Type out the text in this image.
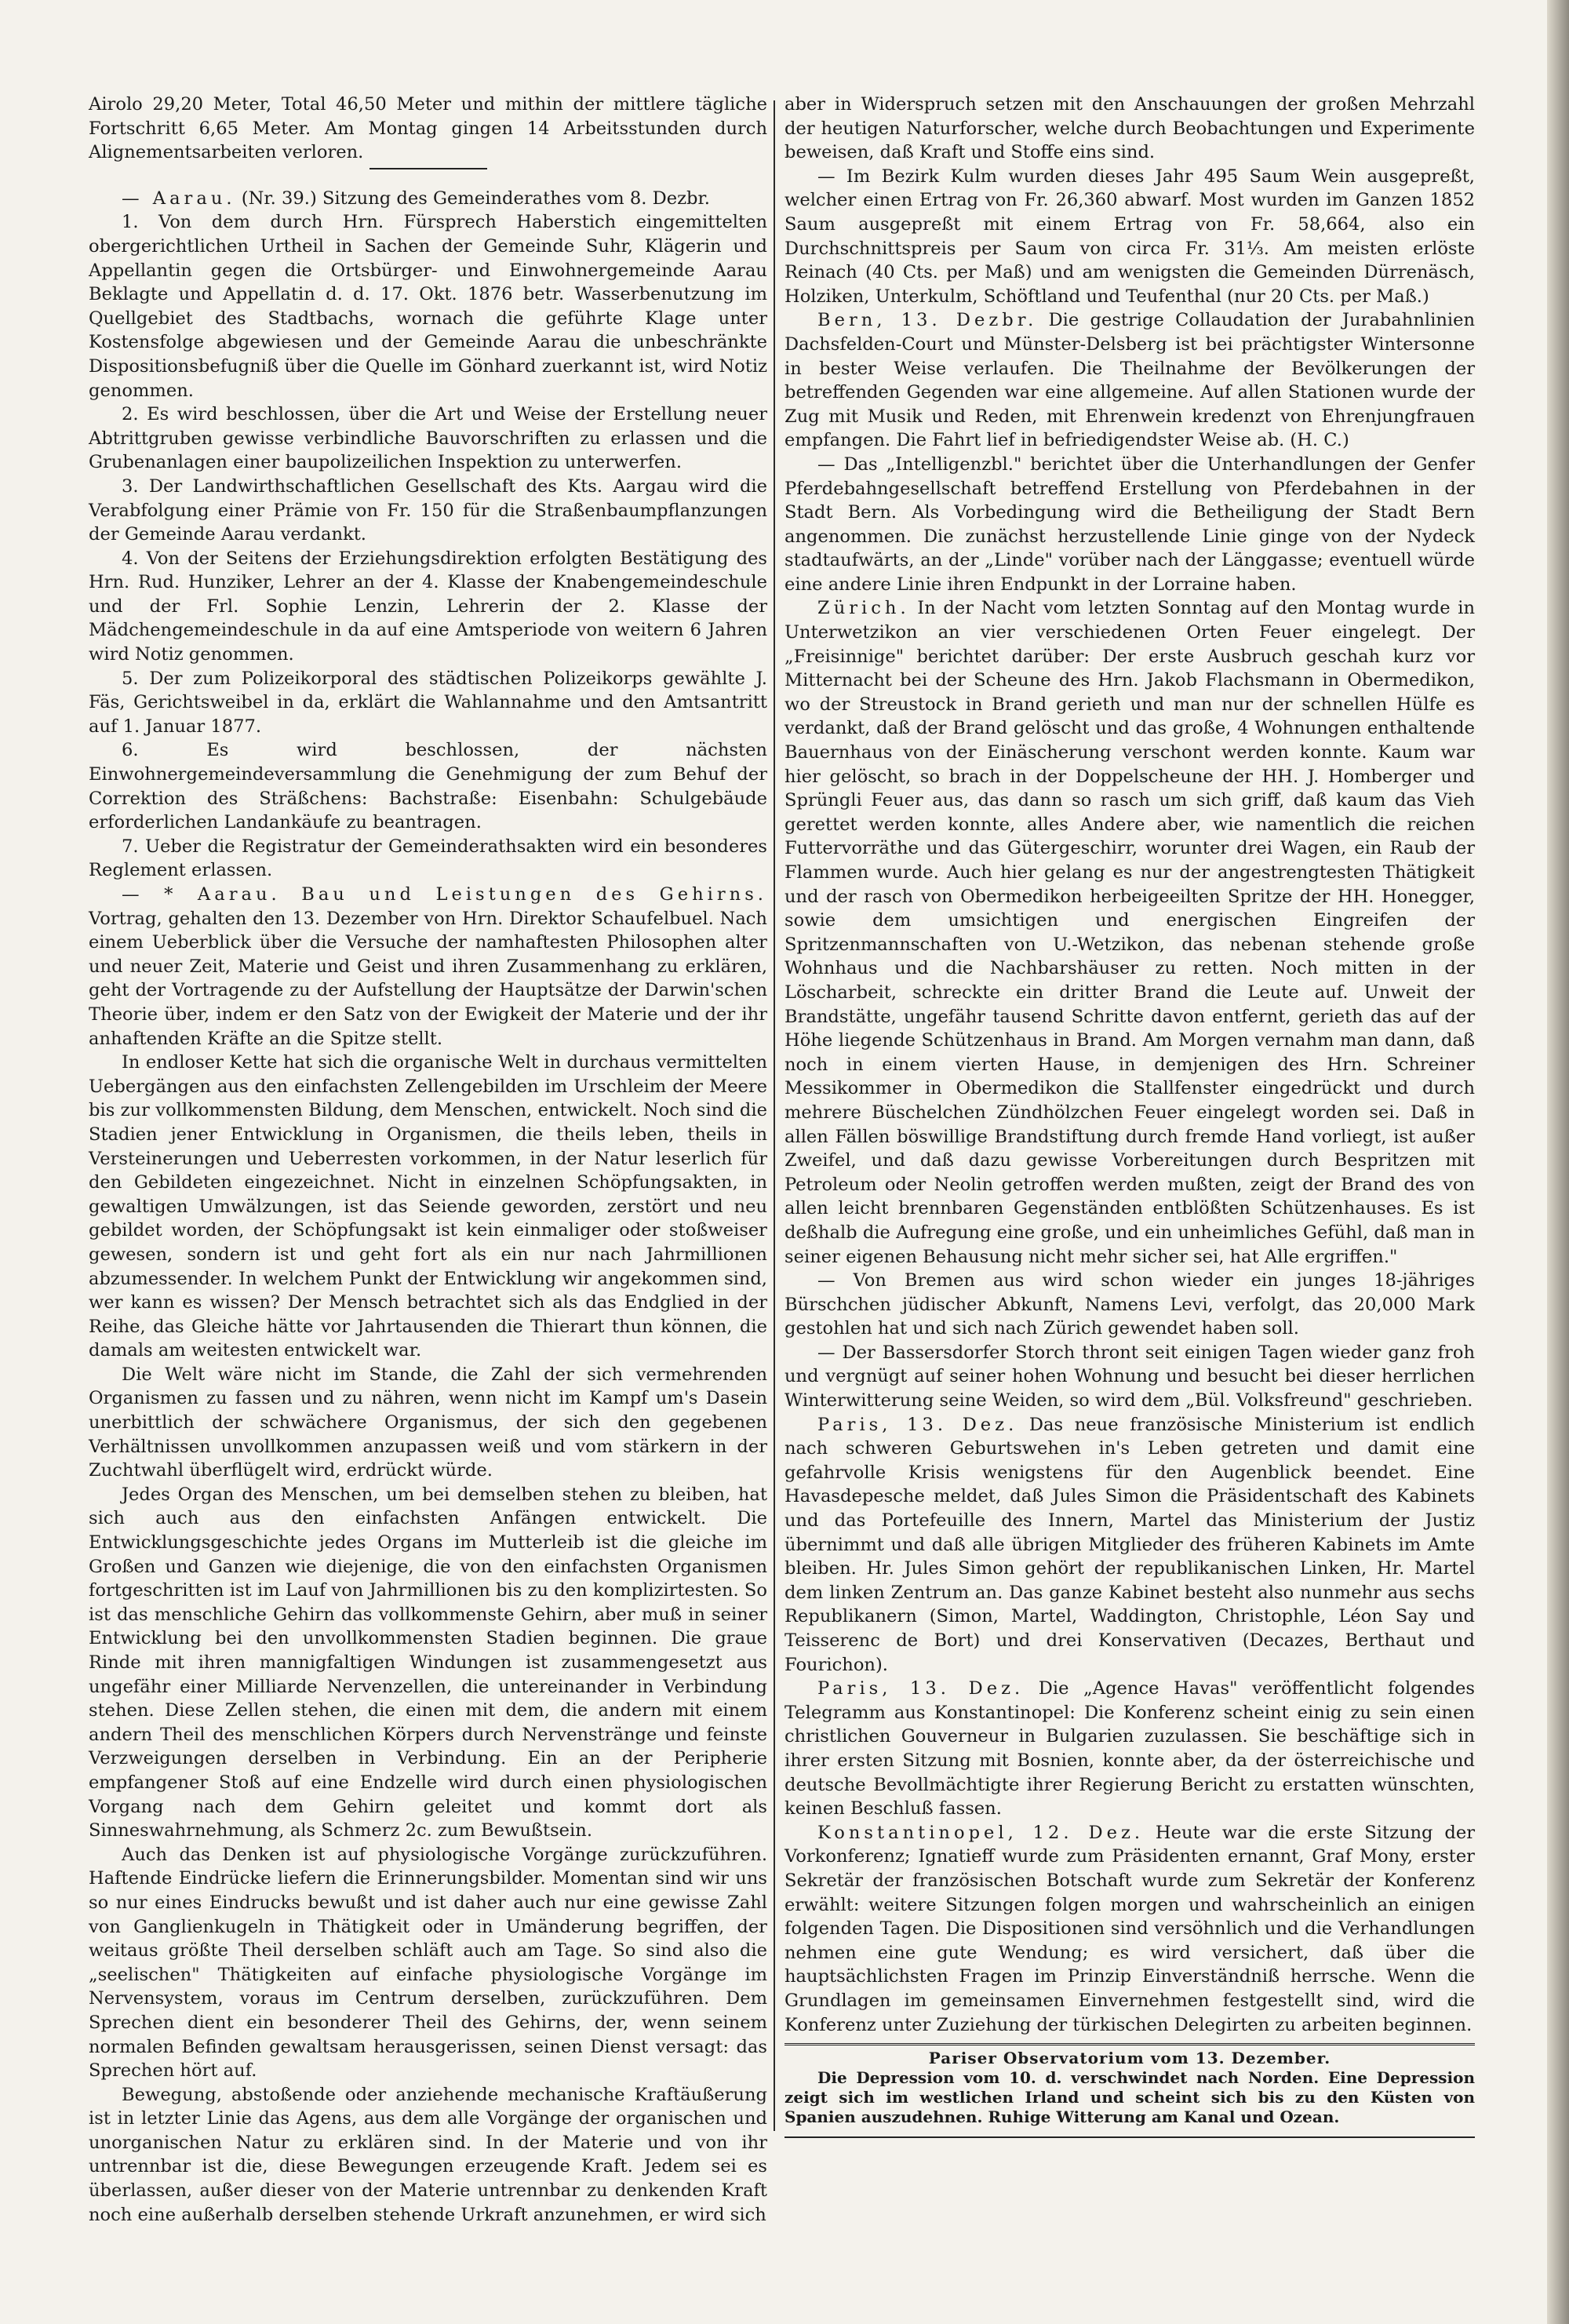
Airolo 29,20 Meter, Total 46,50 Meter und mithin der mittlere tägliche Fortschritt 6,65 Meter. Am Montag gingen 14 Arbeitsstunden durch Alignementsarbeiten verloren.

— Aarau. (Nr. 39.) Sitzung des Gemeinderathes vom 8. Dezbr.

1. Von dem durch Hrn. Fürsprech Haberstich eingemittelten obergerichtlichen Urtheil in Sachen der Gemeinde Suhr, Klägerin und Appellantin gegen die Ortsbürger- und Einwohnergemeinde Aarau Beklagte und Appellatin d. d. 17. Okt. 1876 betr. Wasserbenutzung im Quellgebiet des Stadtbachs, wornach die geführte Klage unter Kostensfolge abgewiesen und der Gemeinde Aarau die unbeschränkte Dispositionsbefugniß über die Quelle im Gönhard zuerkannt ist, wird Notiz genommen.

2. Es wird beschlossen, über die Art und Weise der Erstellung neuer Abtrittgruben gewisse verbindliche Bauvorschriften zu erlassen und die Grubenanlagen einer baupolizeilichen Inspektion zu unterwerfen.

3. Der Landwirthschaftlichen Gesellschaft des Kts. Aargau wird die Verabfolgung einer Prämie von Fr. 150 für die Straßenbaumpflanzungen der Gemeinde Aarau verdankt.

4. Von der Seitens der Erziehungsdirektion erfolgten Bestätigung des Hrn. Rud. Hunziker, Lehrer an der 4. Klasse der Knabengemeindeschule und der Frl. Sophie Lenzin, Lehrerin der 2. Klasse der Mädchengemeindeschule in da auf eine Amtsperiode von weitern 6 Jahren wird Notiz genommen.

5. Der zum Polizeikorporal des städtischen Polizeikorps gewählte J. Fäs, Gerichtsweibel in da, erklärt die Wahlannahme und den Amtsantritt auf 1. Januar 1877.

6. Es wird beschlossen, der nächsten Einwohnergemeindeversammlung die Genehmigung der zum Behuf der Correktion des Sträßchens: Bachstraße: Eisenbahn: Schulgebäude erforderlichen Landankäufe zu beantragen.

7. Ueber die Registratur der Gemeinderathsakten wird ein besonderes Reglement erlassen.

— * Aarau. Bau und Leistungen des Gehirns. Vortrag, gehalten den 13. Dezember von Hrn. Direktor Schaufelbuel. Nach einem Ueberblick über die Versuche der namhaftesten Philosophen alter und neuer Zeit, Materie und Geist und ihren Zusammenhang zu erklären, geht der Vortragende zu der Aufstellung der Hauptsätze der Darwin'schen Theorie über, indem er den Satz von der Ewigkeit der Materie und der ihr anhaftenden Kräfte an die Spitze stellt.

In endloser Kette hat sich die organische Welt in durchaus vermittelten Uebergängen aus den einfachsten Zellengebilden im Urschleim der Meere bis zur vollkommensten Bildung, dem Menschen, entwickelt. Noch sind die Stadien jener Entwicklung in Organismen, die theils leben, theils in Versteinerungen und Ueberresten vorkommen, in der Natur leserlich für den Gebildeten eingezeichnet. Nicht in einzelnen Schöpfungsakten, in gewaltigen Umwälzungen, ist das Seiende geworden, zerstört und neu gebildet worden, der Schöpfungsakt ist kein einmaliger oder stoßweiser gewesen, sondern ist und geht fort als ein nur nach Jahrmillionen abzumessender. In welchem Punkt der Entwicklung wir angekommen sind, wer kann es wissen? Der Mensch betrachtet sich als das Endglied in der Reihe, das Gleiche hätte vor Jahrtausenden die Thierart thun können, die damals am weitesten entwickelt war.

Die Welt wäre nicht im Stande, die Zahl der sich vermehrenden Organismen zu fassen und zu nähren, wenn nicht im Kampf um's Dasein unerbittlich der schwächere Organismus, der sich den gegebenen Verhältnissen unvollkommen anzupassen weiß und vom stärkern in der Zuchtwahl überflügelt wird, erdrückt würde.

Jedes Organ des Menschen, um bei demselben stehen zu bleiben, hat sich auch aus den einfachsten Anfängen entwickelt. Die Entwicklungsgeschichte jedes Organs im Mutterleib ist die gleiche im Großen und Ganzen wie diejenige, die von den einfachsten Organismen fortgeschritten ist im Lauf von Jahrmillionen bis zu den komplizirtesten. So ist das menschliche Gehirn das vollkommenste Gehirn, aber muß in seiner Entwicklung bei den unvollkommensten Stadien beginnen. Die graue Rinde mit ihren mannigfaltigen Windungen ist zusammengesetzt aus ungefähr einer Milliarde Nervenzellen, die untereinander in Verbindung stehen. Diese Zellen stehen, die einen mit dem, die andern mit einem andern Theil des menschlichen Körpers durch Nervenstränge und feinste Verzweigungen derselben in Verbindung. Ein an der Peripherie empfangener Stoß auf eine Endzelle wird durch einen physiologischen Vorgang nach dem Gehirn geleitet und kommt dort als Sinneswahrnehmung, als Schmerz 2c. zum Bewußtsein.

Auch das Denken ist auf physiologische Vorgänge zurückzuführen. Haftende Eindrücke liefern die Erinnerungsbilder. Momentan sind wir uns so nur eines Eindrucks bewußt und ist daher auch nur eine gewisse Zahl von Ganglienkugeln in Thätigkeit oder in Umänderung begriffen, der weitaus größte Theil derselben schläft auch am Tage. So sind also die „seelischen" Thätigkeiten auf einfache physiologische Vorgänge im Nervensystem, voraus im Centrum derselben, zurückzuführen. Dem Sprechen dient ein besonderer Theil des Gehirns, der, wenn seinem normalen Befinden gewaltsam herausgerissen, seinen Dienst versagt: das Sprechen hört auf.

Bewegung, abstoßende oder anziehende mechanische Kraftäußerung ist in letzter Linie das Agens, aus dem alle Vorgänge der organischen und unorganischen Natur zu erklären sind. In der Materie und von ihr untrennbar ist die, diese Bewegungen erzeugende Kraft. Jedem sei es überlassen, außer dieser von der Materie untrennbar zu denkenden Kraft noch eine außerhalb derselben stehende Urkraft anzunehmen, er wird sich

aber in Widerspruch setzen mit den Anschauungen der großen Mehrzahl der heutigen Naturforscher, welche durch Beobachtungen und Experimente beweisen, daß Kraft und Stoffe eins sind.

— Im Bezirk Kulm wurden dieses Jahr 495 Saum Wein ausgepreßt, welcher einen Ertrag von Fr. 26,360 abwarf. Most wurden im Ganzen 1852 Saum ausgepreßt mit einem Ertrag von Fr. 58,664, also ein Durchschnittspreis per Saum von circa Fr. 31⅓. Am meisten erlöste Reinach (40 Cts. per Maß) und am wenigsten die Gemeinden Dürrenäsch, Holziken, Unterkulm, Schöftland und Teufenthal (nur 20 Cts. per Maß.)

Bern, 13. Dezbr. Die gestrige Collaudation der Jurabahnlinien Dachsfelden-Court und Münster-Delsberg ist bei prächtigster Wintersonne in bester Weise verlaufen. Die Theilnahme der Bevölkerungen der betreffenden Gegenden war eine allgemeine. Auf allen Stationen wurde der Zug mit Musik und Reden, mit Ehrenwein kredenzt von Ehrenjungfrauen empfangen. Die Fahrt lief in befriedigendster Weise ab. (H. C.)

— Das „Intelligenzbl." berichtet über die Unterhandlungen der Genfer Pferdebahngesellschaft betreffend Erstellung von Pferdebahnen in der Stadt Bern. Als Vorbedingung wird die Betheiligung der Stadt Bern angenommen. Die zunächst herzustellende Linie ginge von der Nydeck stadtaufwärts, an der „Linde" vorüber nach der Länggasse; eventuell würde eine andere Linie ihren Endpunkt in der Lorraine haben.

Zürich. In der Nacht vom letzten Sonntag auf den Montag wurde in Unterwetzikon an vier verschiedenen Orten Feuer eingelegt. Der „Freisinnige" berichtet darüber: Der erste Ausbruch geschah kurz vor Mitternacht bei der Scheune des Hrn. Jakob Flachsmann in Obermedikon, wo der Streustock in Brand gerieth und man nur der schnellen Hülfe es verdankt, daß der Brand gelöscht und das große, 4 Wohnungen enthaltende Bauernhaus von der Einäscherung verschont werden konnte. Kaum war hier gelöscht, so brach in der Doppelscheune der HH. J. Homberger und Sprüngli Feuer aus, das dann so rasch um sich griff, daß kaum das Vieh gerettet werden konnte, alles Andere aber, wie namentlich die reichen Futtervorräthe und das Gütergeschirr, worunter drei Wagen, ein Raub der Flammen wurde. Auch hier gelang es nur der angestrengtesten Thätigkeit und der rasch von Obermedikon herbeigeeilten Spritze der HH. Honegger, sowie dem umsichtigen und energischen Eingreifen der Spritzenmannschaften von U.-Wetzikon, das nebenan stehende große Wohnhaus und die Nachbarshäuser zu retten. Noch mitten in der Löscharbeit, schreckte ein dritter Brand die Leute auf. Unweit der Brandstätte, ungefähr tausend Schritte davon entfernt, gerieth das auf der Höhe liegende Schützenhaus in Brand. Am Morgen vernahm man dann, daß noch in einem vierten Hause, in demjenigen des Hrn. Schreiner Messikommer in Obermedikon die Stallfenster eingedrückt und durch mehrere Büschelchen Zündhölzchen Feuer eingelegt worden sei. Daß in allen Fällen böswillige Brandstiftung durch fremde Hand vorliegt, ist außer Zweifel, und daß dazu gewisse Vorbereitungen durch Bespritzen mit Petroleum oder Neolin getroffen werden mußten, zeigt der Brand des von allen leicht brennbaren Gegenständen entblößten Schützenhauses. Es ist deßhalb die Aufregung eine große, und ein unheimliches Gefühl, daß man in seiner eigenen Behausung nicht mehr sicher sei, hat Alle ergriffen."

— Von Bremen aus wird schon wieder ein junges 18-jähriges Bürschchen jüdischer Abkunft, Namens Levi, verfolgt, das 20,000 Mark gestohlen hat und sich nach Zürich gewendet haben soll.

— Der Bassersdorfer Storch thront seit einigen Tagen wieder ganz froh und vergnügt auf seiner hohen Wohnung und besucht bei dieser herrlichen Winterwitterung seine Weiden, so wird dem „Bül. Volksfreund" geschrieben.

Paris, 13. Dez. Das neue französische Ministerium ist endlich nach schweren Geburtswehen in's Leben getreten und damit eine gefahrvolle Krisis wenigstens für den Augenblick beendet. Eine Havasdepesche meldet, daß Jules Simon die Präsidentschaft des Kabinets und das Portefeuille des Innern, Martel das Ministerium der Justiz übernimmt und daß alle übrigen Mitglieder des früheren Kabinets im Amte bleiben. Hr. Jules Simon gehört der republikanischen Linken, Hr. Martel dem linken Zentrum an. Das ganze Kabinet besteht also nunmehr aus sechs Republikanern (Simon, Martel, Waddington, Christophle, Léon Say und Teisserenc de Bort) und drei Konservativen (Decazes, Berthaut und Fourichon).

Paris, 13. Dez. Die „Agence Havas" veröffentlicht folgendes Telegramm aus Konstantinopel: Die Konferenz scheint einig zu sein einen christlichen Gouverneur in Bulgarien zuzulassen. Sie beschäftige sich in ihrer ersten Sitzung mit Bosnien, konnte aber, da der österreichische und deutsche Bevollmächtigte ihrer Regierung Bericht zu erstatten wünschten, keinen Beschluß fassen.

Konstantinopel, 12. Dez. Heute war die erste Sitzung der Vorkonferenz; Ignatieff wurde zum Präsidenten ernannt, Graf Mony, erster Sekretär der französischen Botschaft wurde zum Sekretär der Konferenz erwählt: weitere Sitzungen folgen morgen und wahrscheinlich an einigen folgenden Tagen. Die Dispositionen sind versöhnlich und die Verhandlungen nehmen eine gute Wendung; es wird versichert, daß über die hauptsächlichsten Fragen im Prinzip Einverständniß herrsche. Wenn die Grundlagen im gemeinsamen Einvernehmen festgestellt sind, wird die Konferenz unter Zuziehung der türkischen Delegirten zu arbeiten beginnen.

Pariser Observatorium vom 13. Dezember.
Die Depression vom 10. d. verschwindet nach Norden. Eine Depression zeigt sich im westlichen Irland und scheint sich bis zu den Küsten von Spanien auszudehnen. Ruhige Witterung am Kanal und Ozean.
